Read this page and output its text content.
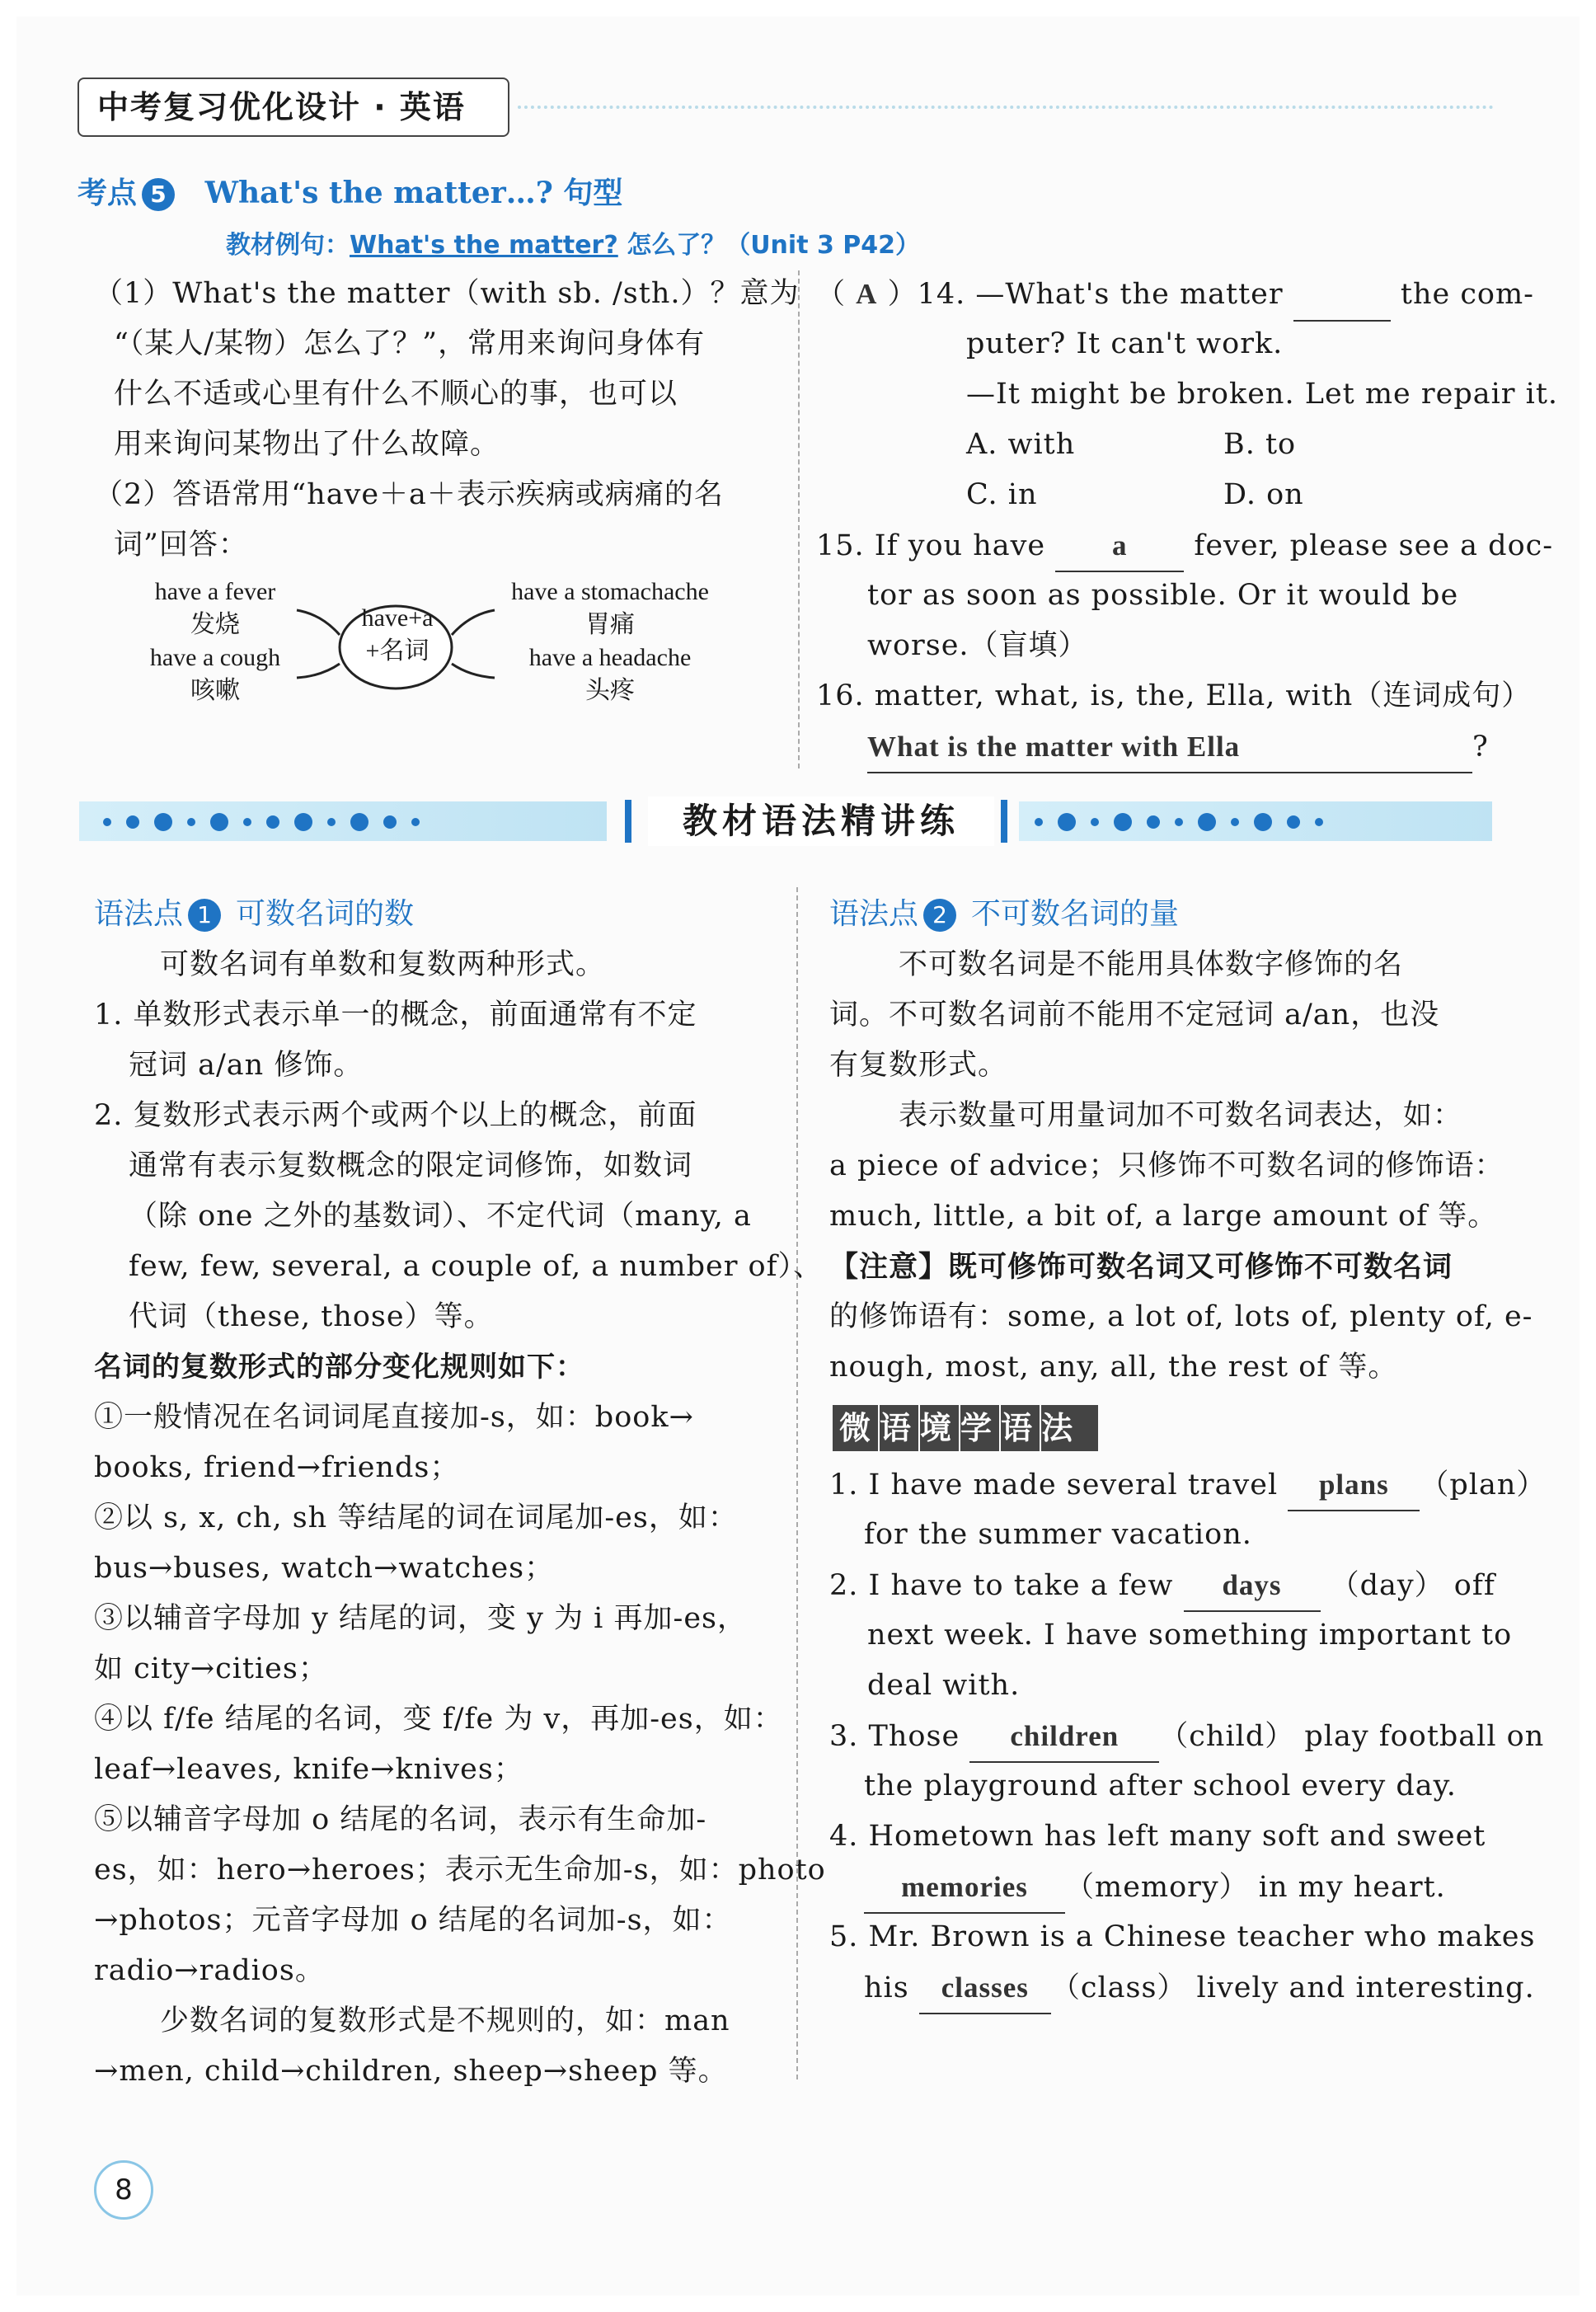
中考复习优化设计 · 英语
考点 5 What's the matter…? 句型
教材例句：What's the matter? 怎么了？（Unit 3 P42）
（1）What's the matter（with sb. /sth.）？意为
“（某人/某物）怎么了？”，常用来询问身体有
什么不适或心里有什么不顺心的事，也可以
用来询问某物出了什么故障。
（2）答语常用“have＋a＋表示疾病或病痛的名
词”回答：
have+a
+名词
have a fever
发烧
have a cough
咳嗽
have a stomachache
胃痛
have a headache
头疼
（ A ）14. —What's the matter	the com-
puter? It can't work.
—It might be broken. Let me repair it.
A. with	B. to
C. in	D. on
15. If you have a fever, please see a doc-
tor as soon as possible. Or it would be
worse.（盲填）
16. matter, what, is, the, Ella, with（连词成句）
What is the matter with Ella	?
教材语法精讲练
语法点 1 可数名词的数
可数名词有单数和复数两种形式。
1. 单数形式表示单一的概念，前面通常有不定
冠词 a/an 修饰。
2. 复数形式表示两个或两个以上的概念，前面
通常有表示复数概念的限定词修饰，如数词
（除 one 之外的基数词）、不定代词（many, a
few, few, several, a couple of, a number of）、
代词（these, those）等。
名词的复数形式的部分变化规则如下：
①一般情况在名词词尾直接加-s，如：book→
books, friend→friends；
②以 s, x, ch, sh 等结尾的词在词尾加-es，如：
bus→buses, watch→watches；
③以辅音字母加 y 结尾的词，变 y 为 i 再加-es，
如 city→cities；
④以 f/fe 结尾的名词，变 f/fe 为 v，再加-es，如：
leaf→leaves, knife→knives；
⑤以辅音字母加 o 结尾的名词，表示有生命加-
es，如：hero→heroes；表示无生命加-s，如：photo
→photos；元音字母加 o 结尾的名词加-s，如：
radio→radios。
少数名词的复数形式是不规则的，如：man
→men, child→children, sheep→sheep 等。
语法点 2 不可数名词的量
不可数名词是不能用具体数字修饰的名
词。不可数名词前不能用不定冠词 a/an，也没
有复数形式。
表示数量可用量词加不可数名词表达，如：
a piece of advice；只修饰不可数名词的修饰语：
much, little, a bit of, a large amount of 等。
【注意】既可修饰可数名词又可修饰不可数名词
的修饰语有：some, a lot of, lots of, plenty of, e-
nough, most, any, all, the rest of 等。
微 语 境 学 语 法
1. I have made several travel plans （plan）
for the summer vacation.
2. I have to take a few days （day） off
next week. I have something important to
deal with.
3. Those children （child） play football on
the playground after school every day.
4. Hometown has left many soft and sweet
memories （memory） in my heart.
5. Mr. Brown is a Chinese teacher who makes
his classes （class） lively and interesting.
8
